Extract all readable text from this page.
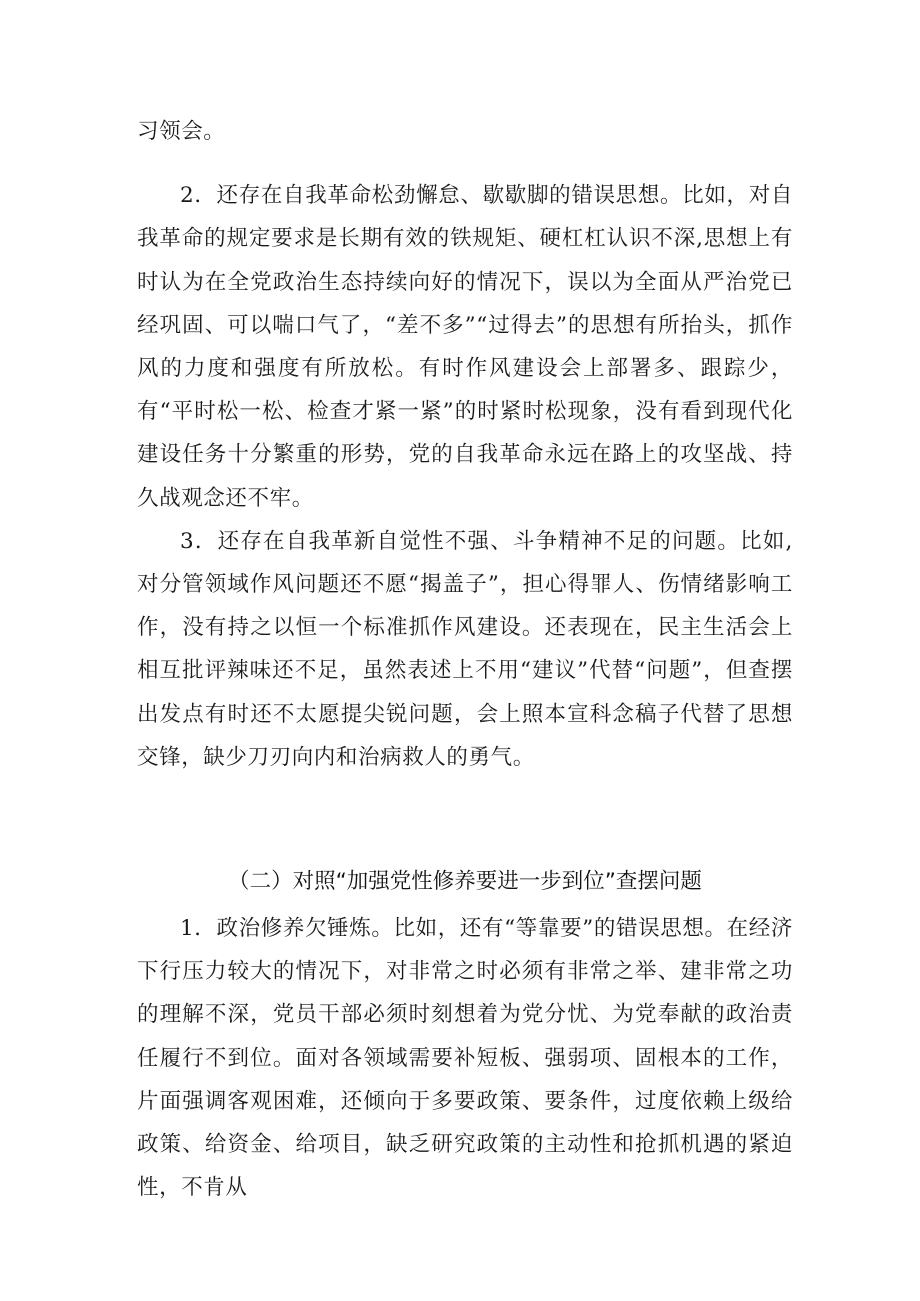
习领会。

2．还存在自我革命松劲懈怠、歇歇脚的错误思想。比如，对自我革命的规定要求是长期有效的铁规矩、硬杠杠认识不深,思想上有时认为在全党政治生态持续向好的情况下，误以为全面从严治党已经巩固、可以喘口气了，“差不多”“过得去”的思想有所抬头，抓作风的力度和强度有所放松。有时作风建设会上部署多、跟踪少，有“平时松一松、检查才紧一紧”的时紧时松现象，没有看到现代化建设任务十分繁重的形势，党的自我革命永远在路上的攻坚战、持久战观念还不牢。

3．还存在自我革新自觉性不强、斗争精神不足的问题。比如,对分管领域作风问题还不愿“揭盖子”，担心得罪人、伤情绪影响工作，没有持之以恒一个标准抓作风建设。还表现在，民主生活会上相互批评辣味还不足，虽然表述上不用“建议”代替“问题”，但查摆出发点有时还不太愿提尖锐问题，会上照本宣科念稿子代替了思想交锋，缺少刀刃向内和治病救人的勇气。

（二）对照“加强党性修养要进一步到位”查摆问题

1．政治修养欠锤炼。比如，还有“等靠要”的错误思想。在经济下行压力较大的情况下，对非常之时必须有非常之举、建非常之功的理解不深，党员干部必须时刻想着为党分忧、为党奉献的政治责任履行不到位。面对各领域需要补短板、强弱项、固根本的工作，片面强调客观困难，还倾向于多要政策、要条件，过度依赖上级给政策、给资金、给项目，缺乏研究政策的主动性和抢抓机遇的紧迫性，不肯从
